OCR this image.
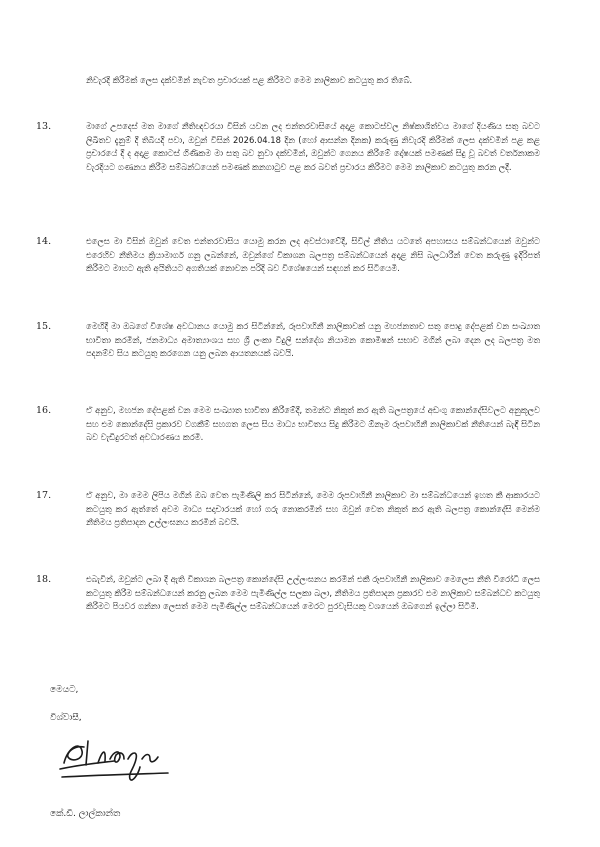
නිවැරදි කිරීමක් ලෙස දක්වමින් නැවත ප්‍රචාරයක් පළ කිරීමට මෙම නාලිකාව කටයුතු කර තිබේ.

13.	මාගේ උපදෙස් මත මාගේ නීතිඥවරයා විසින් යවන ලද එන්තරවාසියේ අදාළ කොටස්වල නිෂ්කාශිත්වය මාගේ දියණිය සතු බවට ලිඛිතව දැනුම් දී තිබියදී පවා, ඔවුන් විසින් 2026.04.18 දින (හෝ ආසන්න දිනක) කරුණු නිවැරදි කිරීමක් ලෙස දක්වමින් පළ කළ ප්‍රචාරයේ දී ද අදාළ කොටස් ගිණිකම මා සතු බව නුවා දක්වමින්, ඔවුන්ට ගෙනය කිරීමේ දෝෂයක් පමණක් සිදු වූ බවත් වර්තනාකම වැරදියට ගණනය කිරීම සම්බන්ධයෙන් පමණක් කනගාටුව පළ කර බවත් ප්‍රචාරය කිරීමට මෙම නාලිකාව කටයුතු කරන ලදී.
14.	එලෙස මා විසින් ඔවුන් වෙත එන්තරවාසිය යොමු කරන ලද අවස්ථාවේදී, සිවිල් නීතිය යටතේ අපහාසය සම්බන්ධයෙන් ඔවුන්ට එරෙහිව නීතිමය ක්‍රියාමාර්ග ගනු ලබන්නේ, ඔවුන්ගේ විකාශන බලපත්‍ර සම්බන්ධයෙන් අදාළ නිසි බලධාරීන් වෙත කරුණු ඉදිරිපත් කිරීමට මාහට ඇති අයිතියට අගතියක් නොවන පරිදි බව විශේෂයෙන් සඳහන් කර සිටියෙමි.
15.	මෙහිදී මා ඔබගේ විශේෂ අවධානය යොමු කර සිටින්නේ, රූපවාහිනී නාලිකාවක් යනු මහජනතාව සතු පොදු දේපළක් වන සංඛ්‍යාත භාවිතා කරමින්, ජනමාධ්‍ය අමාත්‍යාංශය සහ ශ්‍රී ලංකා විදුලි සන්දේශ නියාමන කොමිෂන් සභාව මගින් ලබා දෙන ලද බලපත්‍ර මත පදනම්ව සිය කටයුතු කරගෙන යනු ලබන ආයතනයක් බවයි.
16.	ඒ අනුව, මහජන දේපළක් වන මෙම සංඛ්‍යාත භාවිතා කිරීමේදී, තමන්ට නිකුත් කර ඇති බලපත්‍රයේ අඩංගු කොන්දේසිවලට අනුකූලව සහ එම කොන්දේසි ප්‍රකාරව වගකීම් සහගත ලෙස සිය මාධ්‍ය භාවිතය සිදු කිරීමට ඕනෑම රූපවාහිනී නාලිකාවක් නීතියෙන් බැඳී සිටින බව වැඩිදුරටත් අවධාරණය කරමි.
17.	ඒ අනුව, මා මෙම ලිපිය මගින් ඔබ වෙත පැමිණිලි කර සිටින්නේ, මෙම රූපවාහිනී නාලිකාව මා සම්බන්ධයෙන් ඉහත කී ආකාරයට කටයුතු කර ඇත්තේ අවම මාධ්‍ය සදාචාරයක් හෝ ගරු නොකරමින් සහ ඔවුන් වෙත නිකුත් කර ඇති බලපත්‍ර කොන්දේසි මෙන්ම නීතිමය ප්‍රතිපාදන උල්ලංඝනය කරමින් බවයි.
18.	එබැවින්, ඔවුන්ට ලබා දී ඇති විකාශන බලපත්‍ර කොන්දේසි උල්ලංඝනය කරමින් එකී රූපවාහිනී නාලිකාව මෙලෙස නීති විරෝධී ලෙස කටයුතු කිරීම සම්බන්ධයෙන් කරනු ලබන මෙම පැමිණිල්ල සලකා බලා, නීතිමය ප්‍රතිපාදන ප්‍රකාරව එම නාලිකාව සම්බන්ධව කටයුතු කිරීමට පියවර ගන්නා ලෙසත් මෙම පැමිණිල්ල සම්බන්ධයෙන් මෙරට පුරවැසියකු වශයෙන් ඔබගෙන් ඉල්ලා සිටිමි.
මෙයට,
විශ්වාසී,
කේ.ඩී. ලාල්කාන්ත
